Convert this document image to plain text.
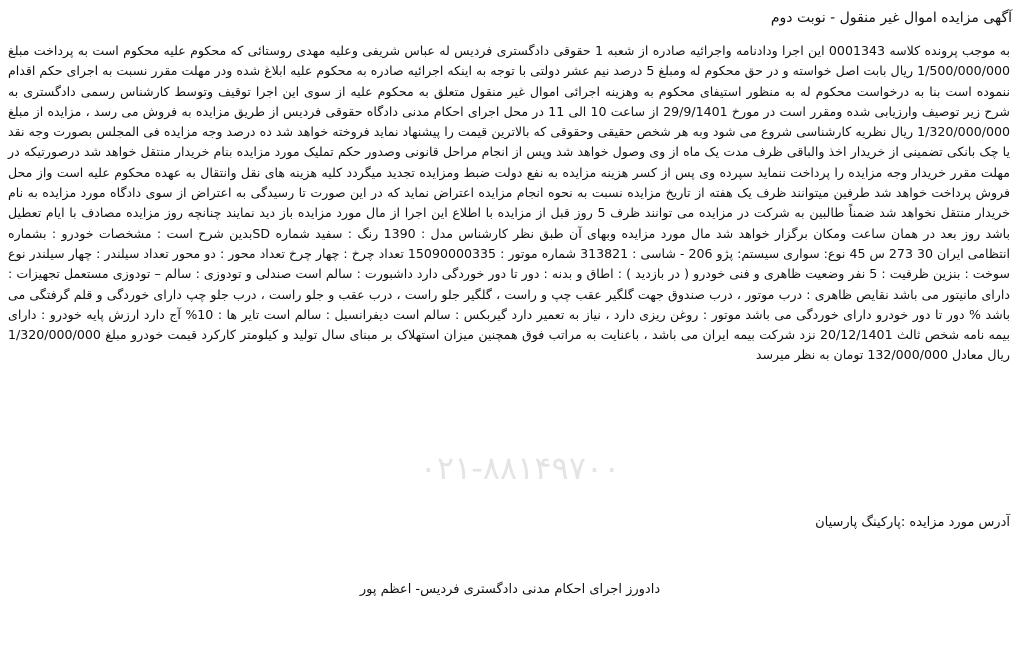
۰۲۱-۸۸۱۴۹۷۰۰
آگهی مزایده اموال غیر منقول - نوبت دوم
به موجب پرونده کلاسه 0001343 این اجرا ودادنامه واجرائیه صادره از شعبه 1 حقوقی دادگستری فردیس له عباس شریفی وعلیه مهدی روستائی که محکوم علیه محکوم است به پرداخت مبلغ 1/500/000/000 ریال بابت اصل خواسته و در حق محکوم له ومبلغ 5 درصد نیم عشر دولتی با توجه به اینکه اجرائیه صادره به محکوم علیه ابلاغ شده ودر مهلت مقرر نسبت به اجرای حکم اقدام ننموده است بنا به درخواست محکوم له به منظور استیفای محکوم به وهزینه اجرائی اموال غیر منقول متعلق به محکوم علیه از سوی این اجرا توقیف وتوسط کارشناس رسمی دادگستری به شرح زیر توصیف وارزیابی شده ومقرر است در مورخ 29/9/1401 از ساعت 10 الی 11 در محل اجرای احکام مدنی دادگاه حقوقی فردیس از طریق مزایده به فروش می رسد ، مزایده از مبلغ 1/320/000/000 ریال نظریه کارشناسی شروع می شود وبه هر شخص حقیقی وحقوقی که بالاترین قیمت را پیشنهاد نماید فروخته خواهد شد ده درصد وجه مزایده فی المجلس بصورت وجه نقد یا چک بانکی تضمینی از خریدار اخذ والباقی ظرف مدت یک ماه از وی وصول خواهد شد وپس از انجام مراحل قانونی وصدور حکم تملیک مورد مزایده بنام خریدار منتقل خواهد شد درصورتیکه در مهلت مقرر خریدار وجه مزایده را پرداخت ننماید سپرده وی پس از کسر هزینه مزایده به نفع دولت ضبط ومزایده تجدید میگردد کلیه هزینه های نقل وانتقال به عهده محکوم علیه است واز محل فروش پرداخت خواهد شد طرفین میتوانند ظرف یک هفته از تاریخ مزایده نسبت به نحوه انجام مزایده اعتراض نماید که در این صورت تا رسیدگی به اعتراض از سوی دادگاه مورد مزایده به نام خریدار منتقل نخواهد شد ضمناً طالبین به شرکت در مزایده می توانند ظرف 5 روز قبل از مزایده با اطلاع این اجرا از مال مورد مزایده باز دید نمایند چنانچه روز مزایده مصادف با ایام تعطیل باشد روز بعد در همان ساعت ومکان برگزار خواهد شد مال مورد مزایده وبهای آن طبق نظر کارشناس مدل : 1390 رنگ : سفید شماره SDبدین شرح است : مشخصات خودرو : بشماره انتظامی ایران 30 273 س 45 نوع: سواری سیستم: پژو 206 - شاسی : 313821 شماره موتور : 15090000335 تعداد چرخ : چهار چرخ تعداد محور : دو محور تعداد سیلندر : چهار سیلندر نوع سوخت : بنزین ظرفیت : 5 نفر وضعیت ظاهری و فنی خودرو ( در بازدید ) : اطاق و بدنه : دور تا دور خوردگی دارد داشبورت : سالم است صندلی و تودوزی : سالم – تودوزی مستعمل تجهیزات : دارای مانیتور می باشد نقایص ظاهری : درب موتور ، درب صندوق جهت گلگیر عقب چپ و راست ، گلگیر جلو راست ، درب عقب و جلو راست ، درب جلو چپ دارای خوردگی و قلم گرفتگی می باشد % دور تا دور خودرو دارای خوردگی می باشد موتور : روغن ریزی دارد ، نیاز به تعمیر دارد گیربکس : سالم است دیفرانسیل : سالم است تایر ها : 10% آج دارد ارزش پایه خودرو : دارای بیمه نامه شخص ثالث 20/12/1401 نزد شرکت بیمه ایران می باشد ، باعنایت به مراتب فوق همچنین میزان استهلاک بر مبنای سال تولید و کیلومتر کارکرد قیمت خودرو مبلغ 1/320/000/000 ریال معادل 132/000/000 تومان به نظر میرسد
آدرس مورد مزایده :پارکینگ پارسیان
دادورز اجرای احکام مدنی دادگستری فردیس- اعظم پور
